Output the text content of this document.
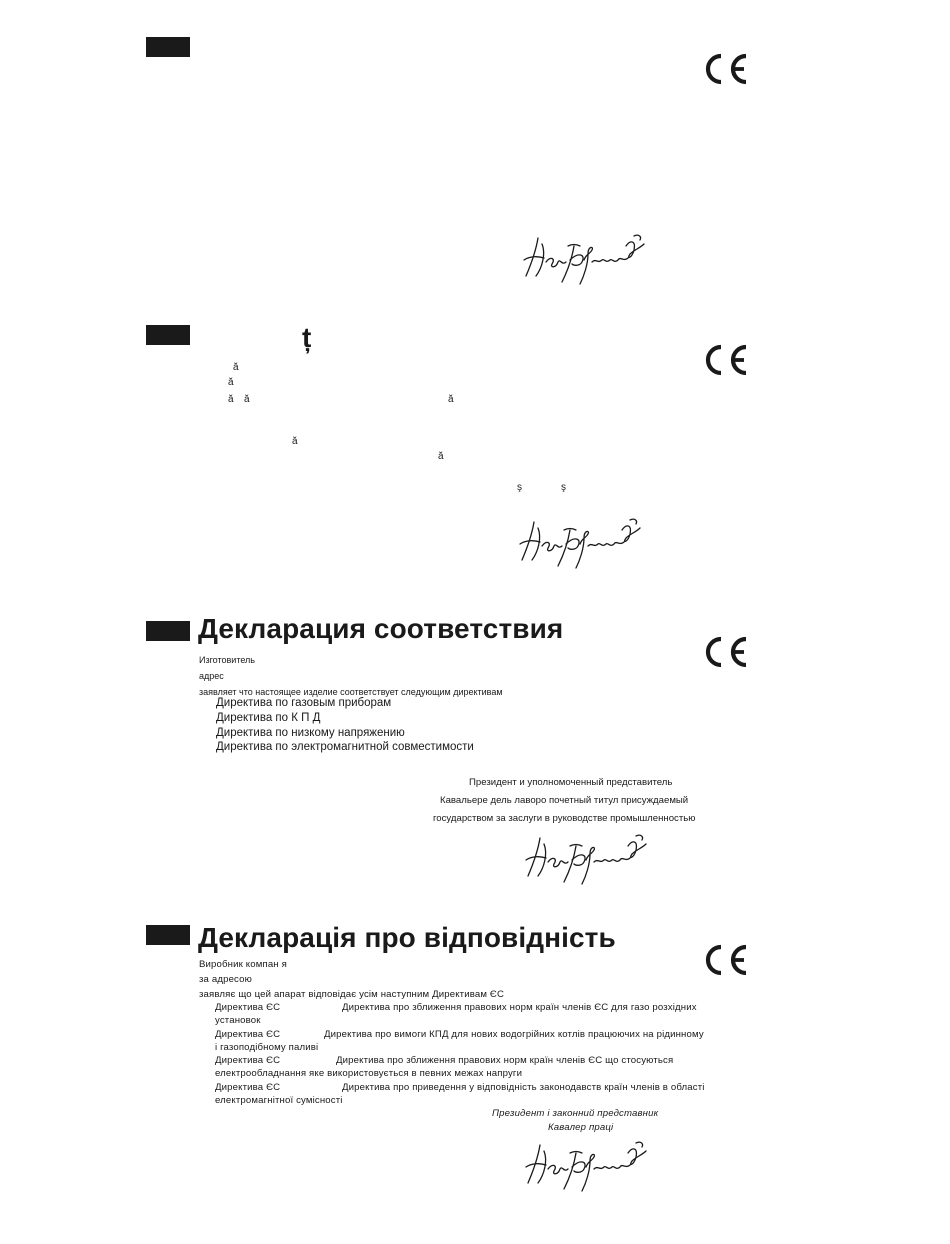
ț
ă
ă
ă ă	ă
ă
ă
ş	ş
Декларация соответствия
Изготовитель
адрес
заявляет что настоящее изделие соответствует следующим директивам
Директива по газовым приборам
Директива по К П Д
Директива по низкому напряжению
Директива по электромагнитной совместимости
Президент и уполномоченный представитель
Кавальере дель лаворо почетный титул присуждаемый
государством за заслуги в руководстве промышленностью
Декларація про відповідність
Виробник компан я
за адресою
заявляє що цей апарат відповідає усім наступним Директивам ЄС
Директива ЄС	Директива про зближення правових норм країн членів ЄС для газо розхідних
установок
Директива ЄС	Директива про вимоги КПД для нових водогрійних котлів працюючих на рідинному
і газоподібному паливі
Директива ЄС	Директива про зближення правових норм країн членів ЄС що стосуються
електрообладнання яке використовується в певних межах напруги
Директива ЄС	Директива про приведення у відповідність законодавств країн членів в області
електромагнітної сумісності
Президент і законний представник
Кавалер праці
